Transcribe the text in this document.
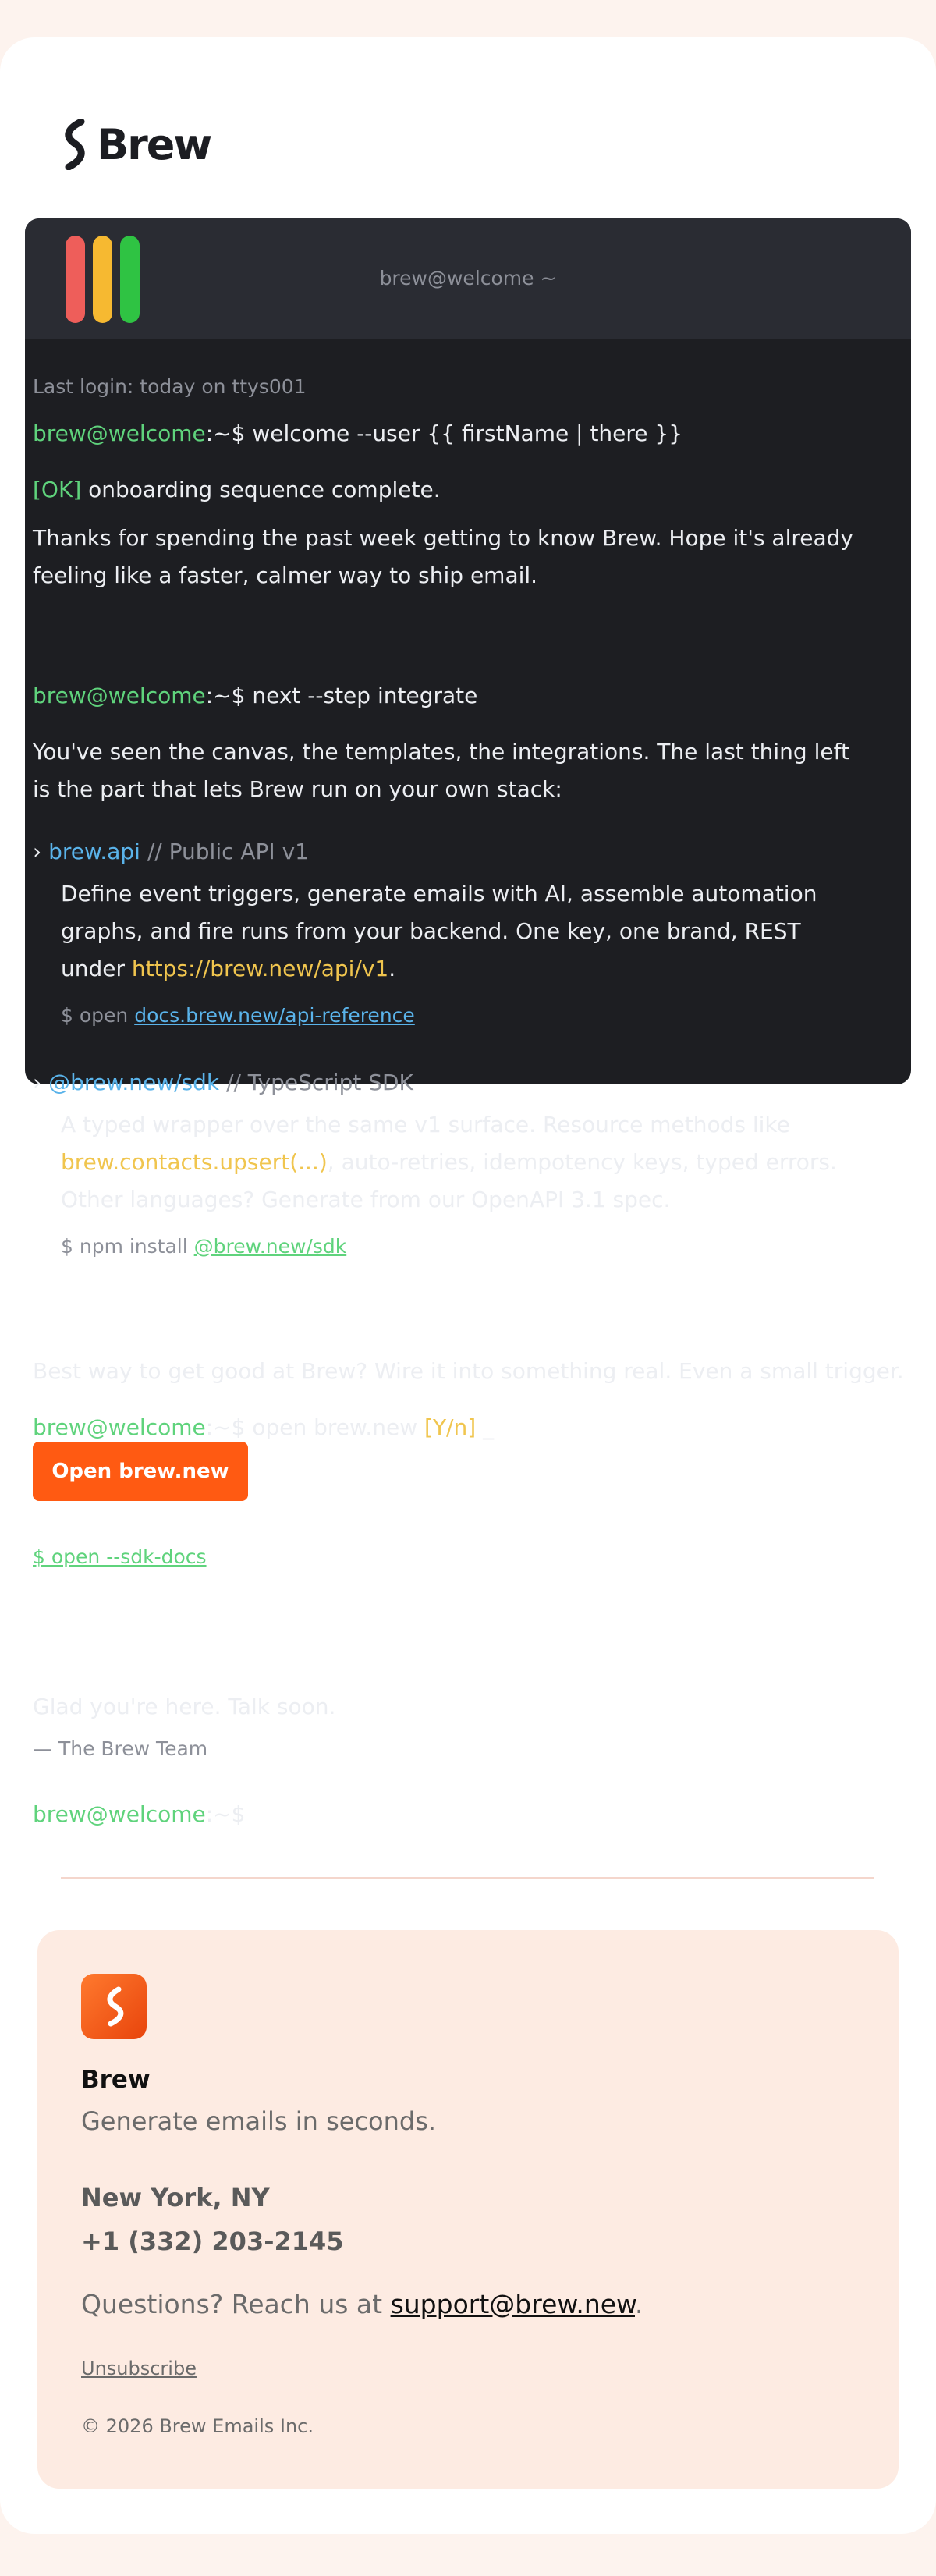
Brew
brew@welcome ~
Last login: today on ttys001
brew@welcome:~$ welcome --user {{ firstName | there }}
[OK] onboarding sequence complete.
Thanks for spending the past week getting to know Brew. Hope it's already feeling like a faster, calmer way to ship email.
brew@welcome:~$ next --step integrate
You've seen the canvas, the templates, the integrations. The last thing left is the part that lets Brew run on your own stack:
› brew.api // Public API v1
Define event triggers, generate emails with AI, assemble automation graphs, and fire runs from your backend. One key, one brand, REST under https://brew.new/api/v1.
$ open docs.brew.new/api-reference
› @brew.new/sdk // TypeScript SDK
A typed wrapper over the same v1 surface. Resource methods like brew.contacts.upsert(...), auto-retries, idempotency keys, typed errors. Other languages? Generate from our OpenAPI 3.1 spec.
$ npm install @brew.new/sdk
Best way to get good at Brew? Wire it into something real. Even a small trigger.
brew@welcome:~$ open brew.new [Y/n] _
Open brew.new
$ open --sdk-docs
Glad you're here. Talk soon.
— The Brew Team
brew@welcome:~$
Brew
Generate emails in seconds.
New York, NY
+1 (332) 203-2145
Questions? Reach us at support@brew.new.
Unsubscribe
© 2026 Brew Emails Inc.
